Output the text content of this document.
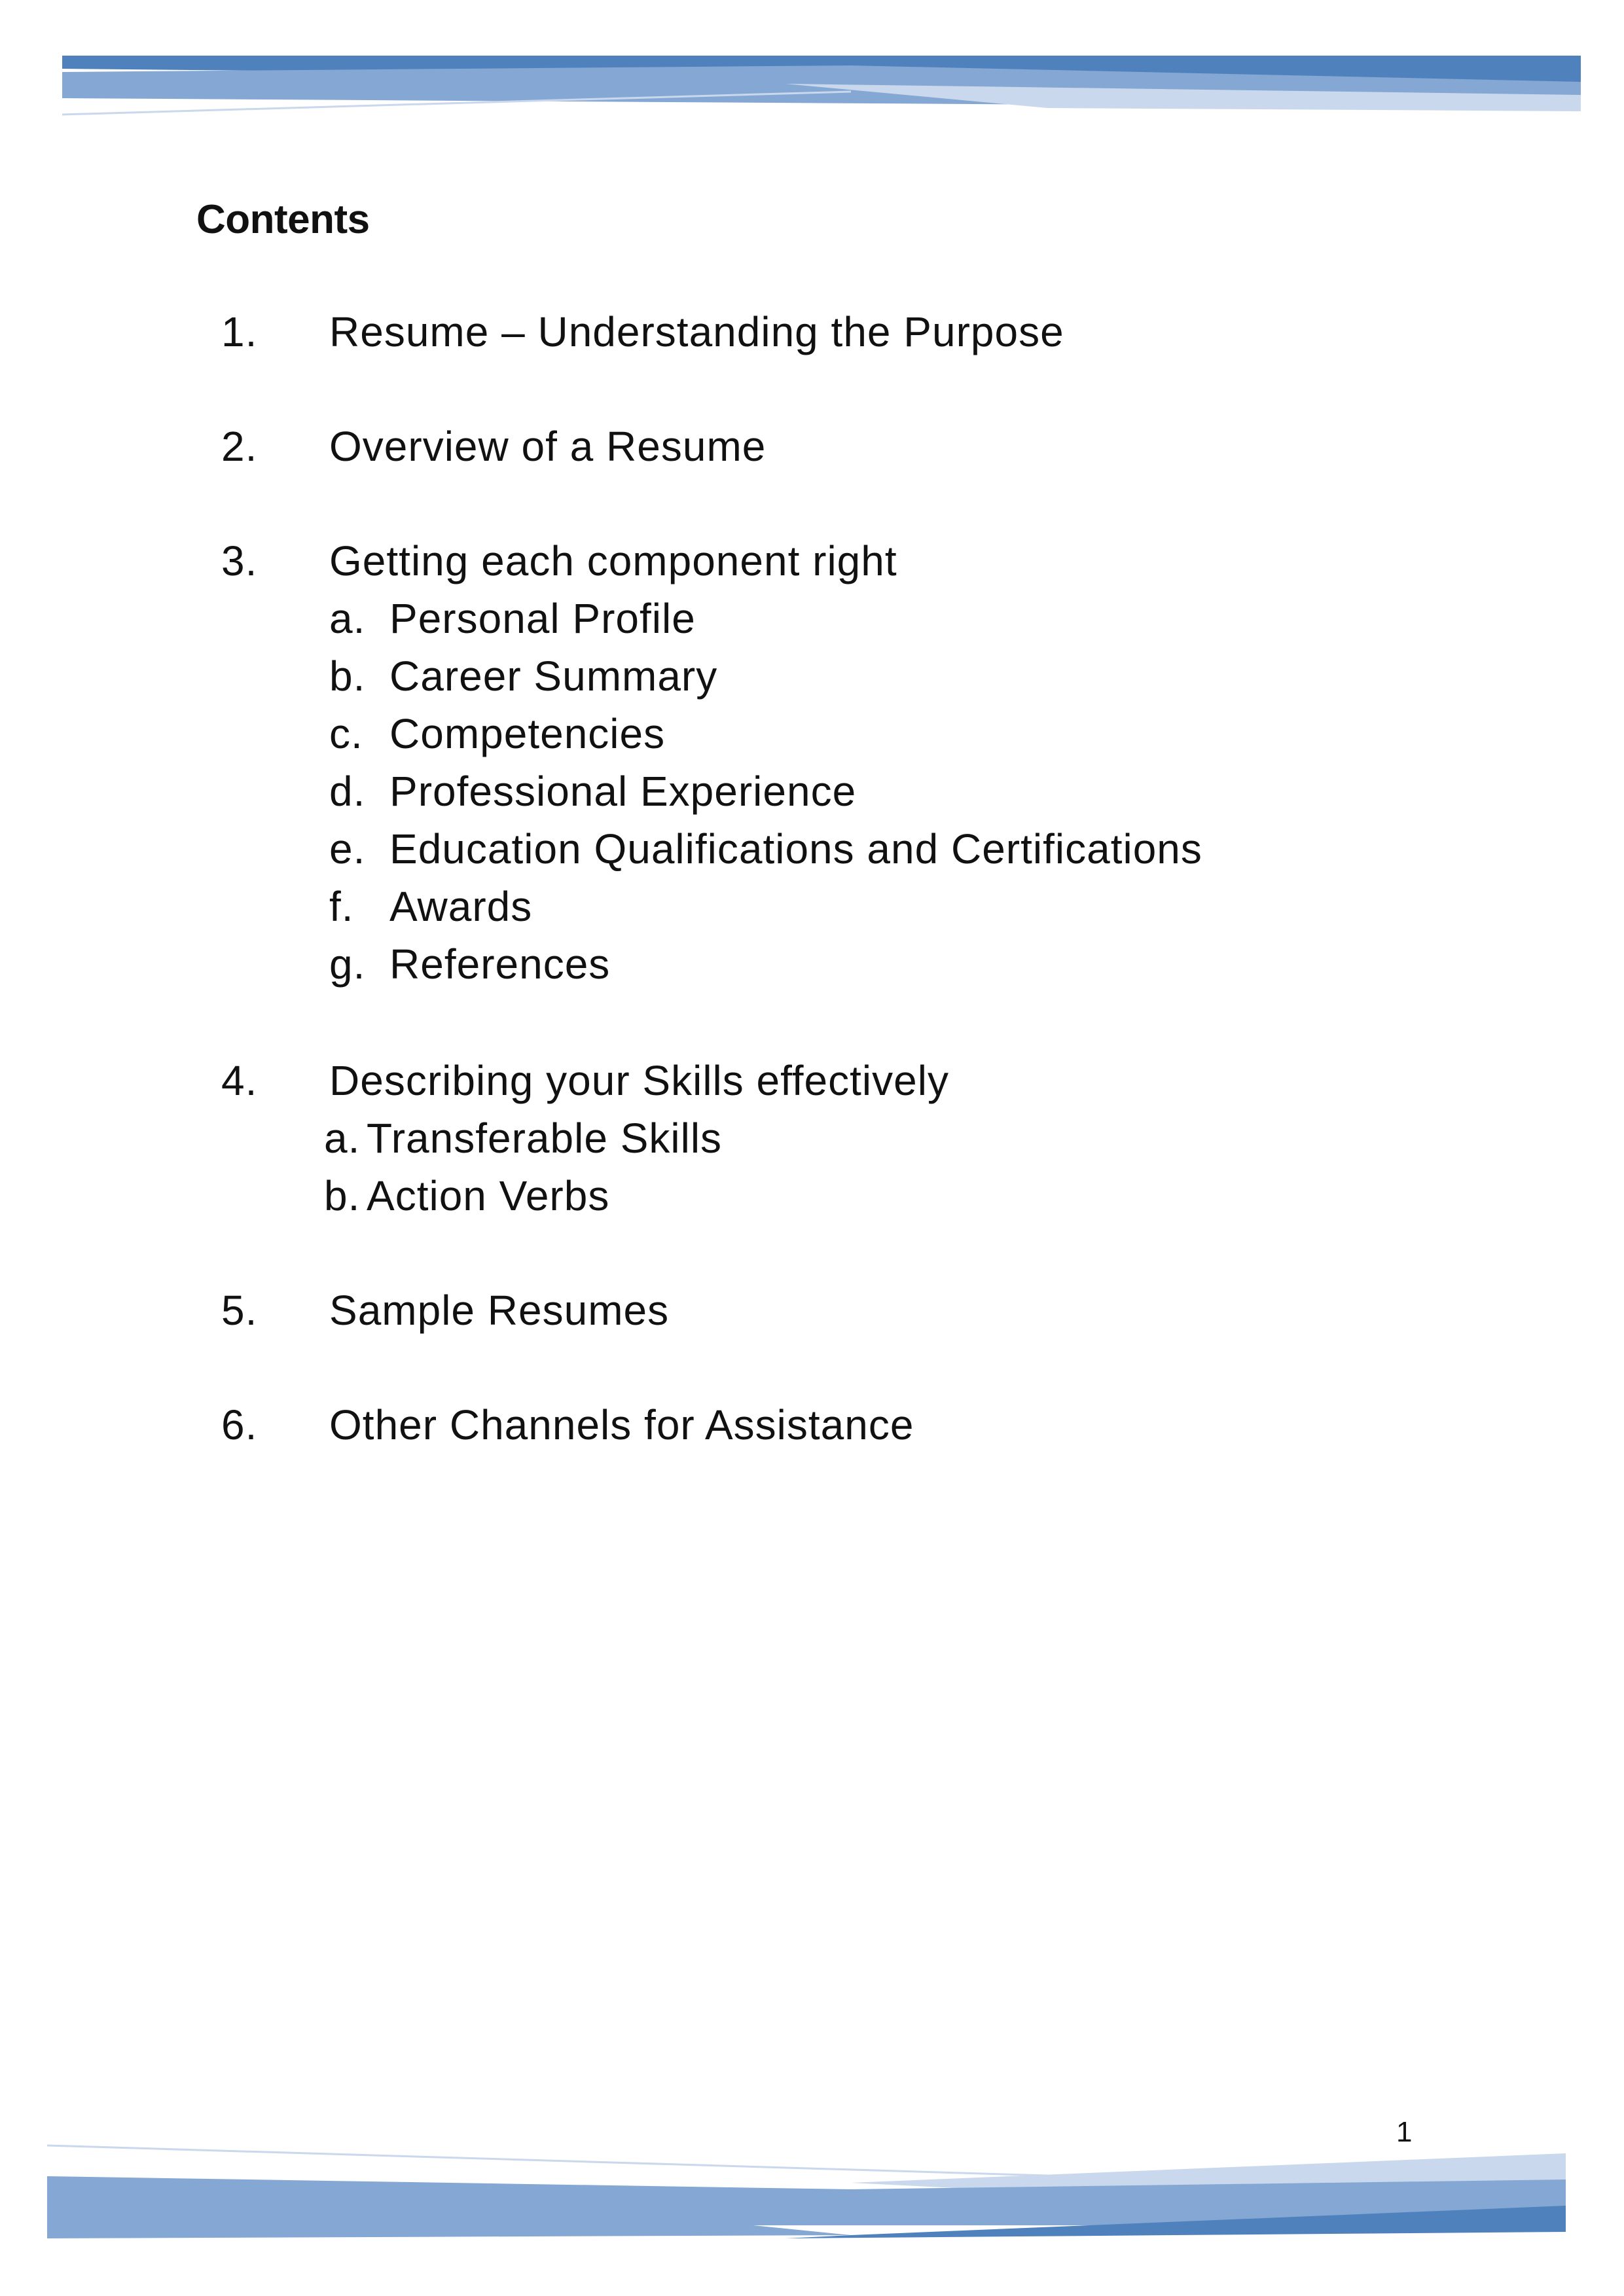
Contents
1. Resume – Understanding the Purpose
2. Overview of a Resume
3. Getting each component right
a. Personal Profile
b. Career Summary
c. Competencies
d. Professional Experience
e. Education Qualifications and Certifications
f. Awards
g. References
4. Describing your Skills effectively
a. Transferable Skills
b. Action Verbs
5. Sample Resumes
6. Other Channels for Assistance
1
